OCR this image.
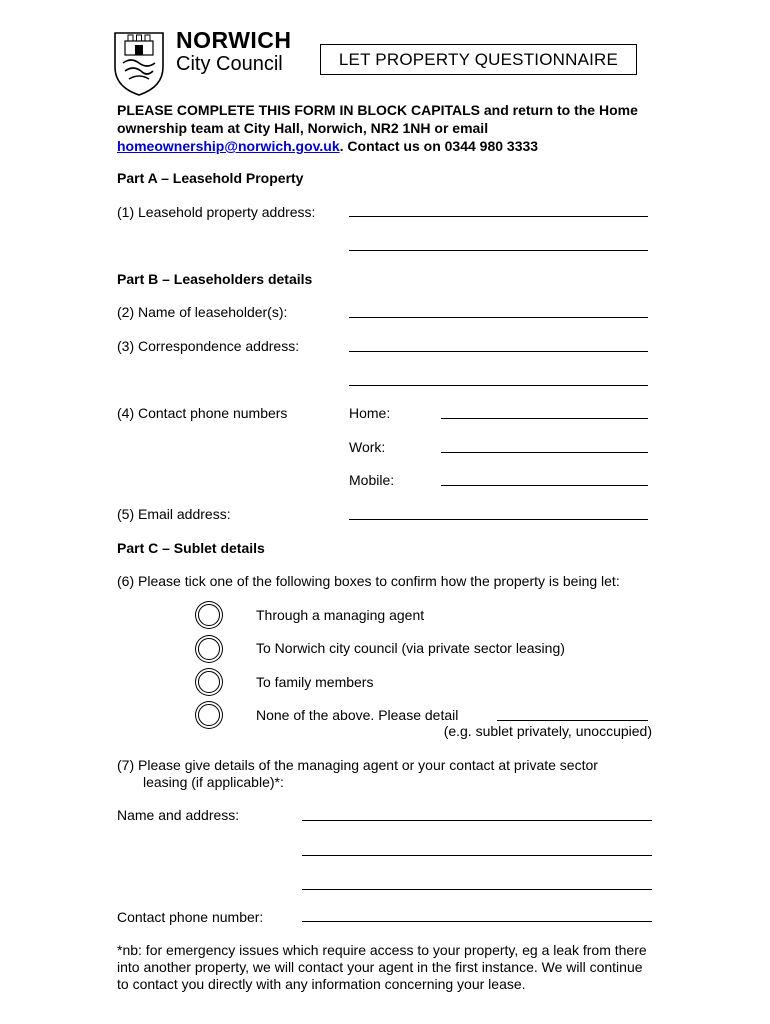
NORWICH
City Council	LET PROPERTY QUESTIONNAIRE
PLEASE COMPLETE THIS FORM IN BLOCK CAPITALS and return to the Home ownership team at City Hall, Norwich, NR2 1NH or email homeownership@norwich.gov.uk. Contact us on 0344 980 3333
Part A – Leasehold Property
(1) Leasehold property address:
Part B – Leaseholders details
(2) Name of leaseholder(s):
(3) Correspondence address:
(4) Contact phone numbers	Home:
Work:
Mobile:
(5) Email address:
Part C – Sublet details
(6) Please tick one of the following boxes to confirm how the property is being let:
Through a managing agent
To Norwich city council (via private sector leasing)
To family members
None of the above. Please detail
(e.g. sublet privately, unoccupied)
(7) Please give details of the managing agent or your contact at private sector
leasing (if applicable)*:
Name and address:
Contact phone number:
*nb: for emergency issues which require access to your property, eg a leak from there into another property, we will contact your agent in the first instance. We will continue to contact you directly with any information concerning your lease.
